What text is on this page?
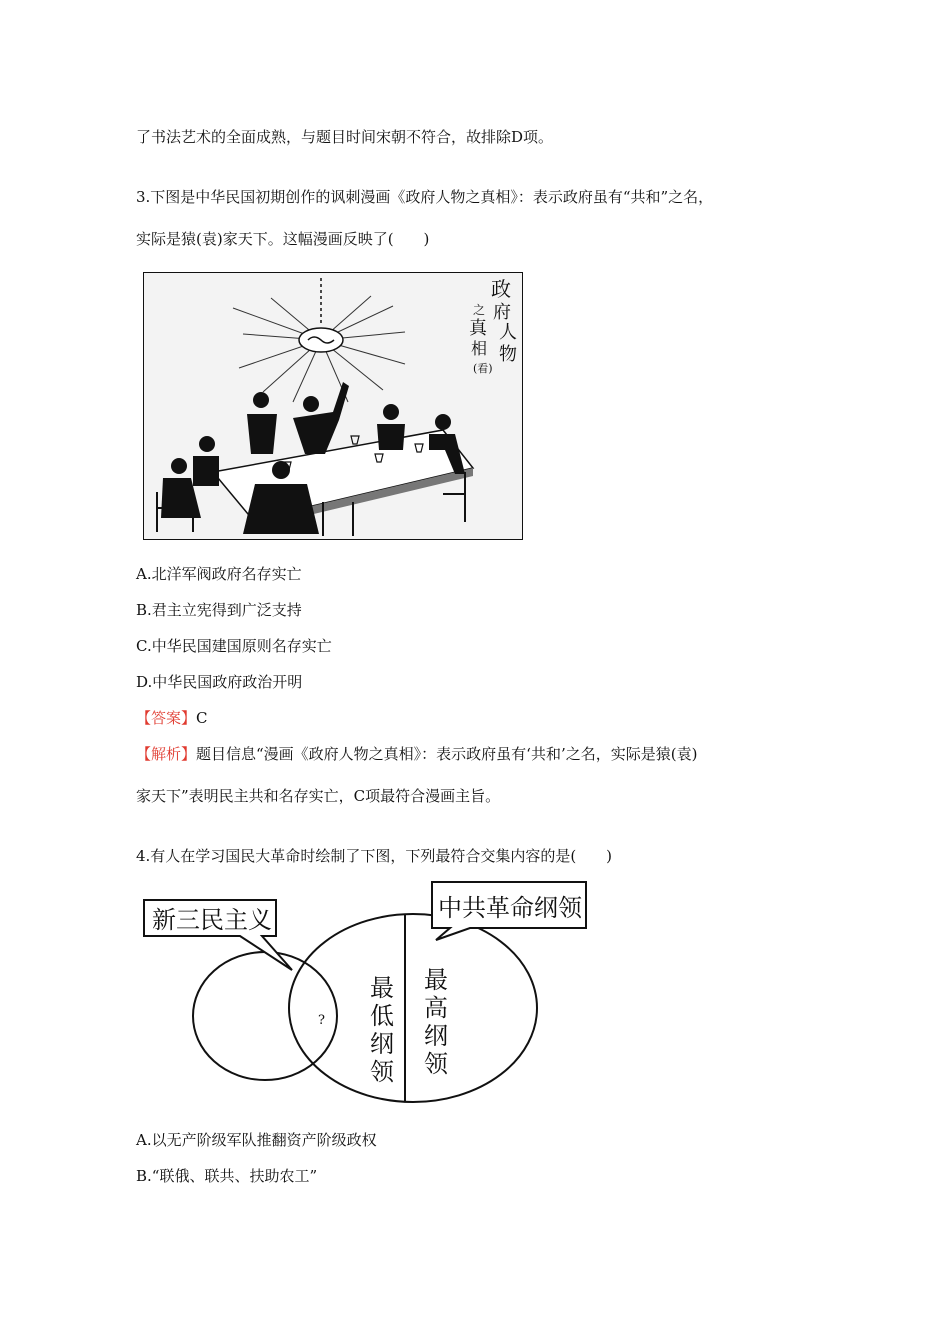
了书法艺术的全面成熟，与题目时间宋朝不符合，故排除D项。
3.下图是中华民国初期创作的讽刺漫画《政府人物之真相》：表示政府虽有“共和”之名，
实际是猿(袁)家天下。这幅漫画反映了(　　)
政
府
人
物
之
真
相
(看)
A.北洋军阀政府名存实亡
B.君主立宪得到广泛支持
C.中华民国建国原则名存实亡
D.中华民国政府政治开明
【答案】C
【解析】题目信息“漫画《政府人物之真相》：表示政府虽有‘共和’之名，实际是猿(袁)
家天下”表明民主共和名存实亡，C项最符合漫画主旨。
4.有人在学习国民大革命时绘制了下图，下列最符合交集内容的是(　　)
新三民主义	中共革命纲领
?
最
低
纲
领
最
高
纲
领
A.以无产阶级军队推翻资产阶级政权
B.“联俄、联共、扶助农工”
